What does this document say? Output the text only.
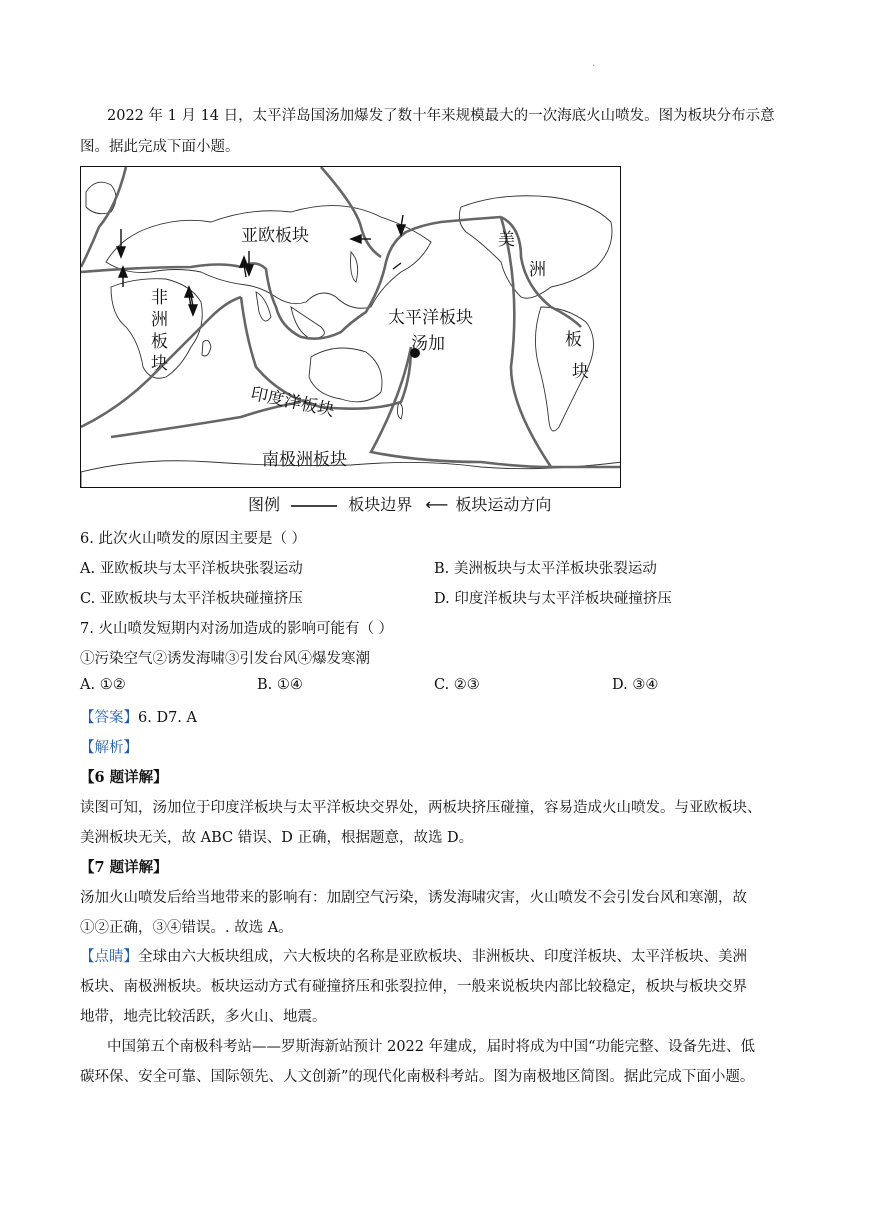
.
2022 年 1 月 14 日，太平洋岛国汤加爆发了数十年来规模最大的一次海底火山喷发。图为板块分布示意
图。据此完成下面小题。
亚欧板块
非
洲
板
块
美
洲
板
块
太平洋板块
汤加
印度洋板块
南极洲板块
图例	板块边界 ⟵ 板块运动方向
6. 此次火山喷发的原因主要是（ ）
A. 亚欧板块与太平洋板块张裂运动	B. 美洲板块与太平洋板块张裂运动
C. 亚欧板块与太平洋板块碰撞挤压	D. 印度洋板块与太平洋板块碰撞挤压
7. 火山喷发短期内对汤加造成的影响可能有（ ）
①污染空气②诱发海啸③引发台风④爆发寒潮
A. ①②	B. ①④	C. ②③	D. ③④
【答案】6. D7. A
【解析】
【6 题详解】
读图可知，汤加位于印度洋板块与太平洋板块交界处，两板块挤压碰撞，容易造成火山喷发。与亚欧板块、
美洲板块无关，故 ABC 错误、D 正确，根据题意，故选 D。
【7 题详解】
汤加火山喷发后给当地带来的影响有：加剧空气污染，诱发海啸灾害，火山喷发不会引发台风和寒潮，故
①②正确，③④错误。. 故选 A。
【点睛】全球由六大板块组成，六大板块的名称是亚欧板块、非洲板块、印度洋板块、太平洋板块、美洲
板块、南极洲板块。板块运动方式有碰撞挤压和张裂拉伸，一般来说板块内部比较稳定，板块与板块交界
地带，地壳比较活跃，多火山、地震。
中国第五个南极科考站——罗斯海新站预计 2022 年建成，届时将成为中国“功能完整、设备先进、低
碳环保、安全可靠、国际领先、人文创新”的现代化南极科考站。图为南极地区简图。据此完成下面小题。
